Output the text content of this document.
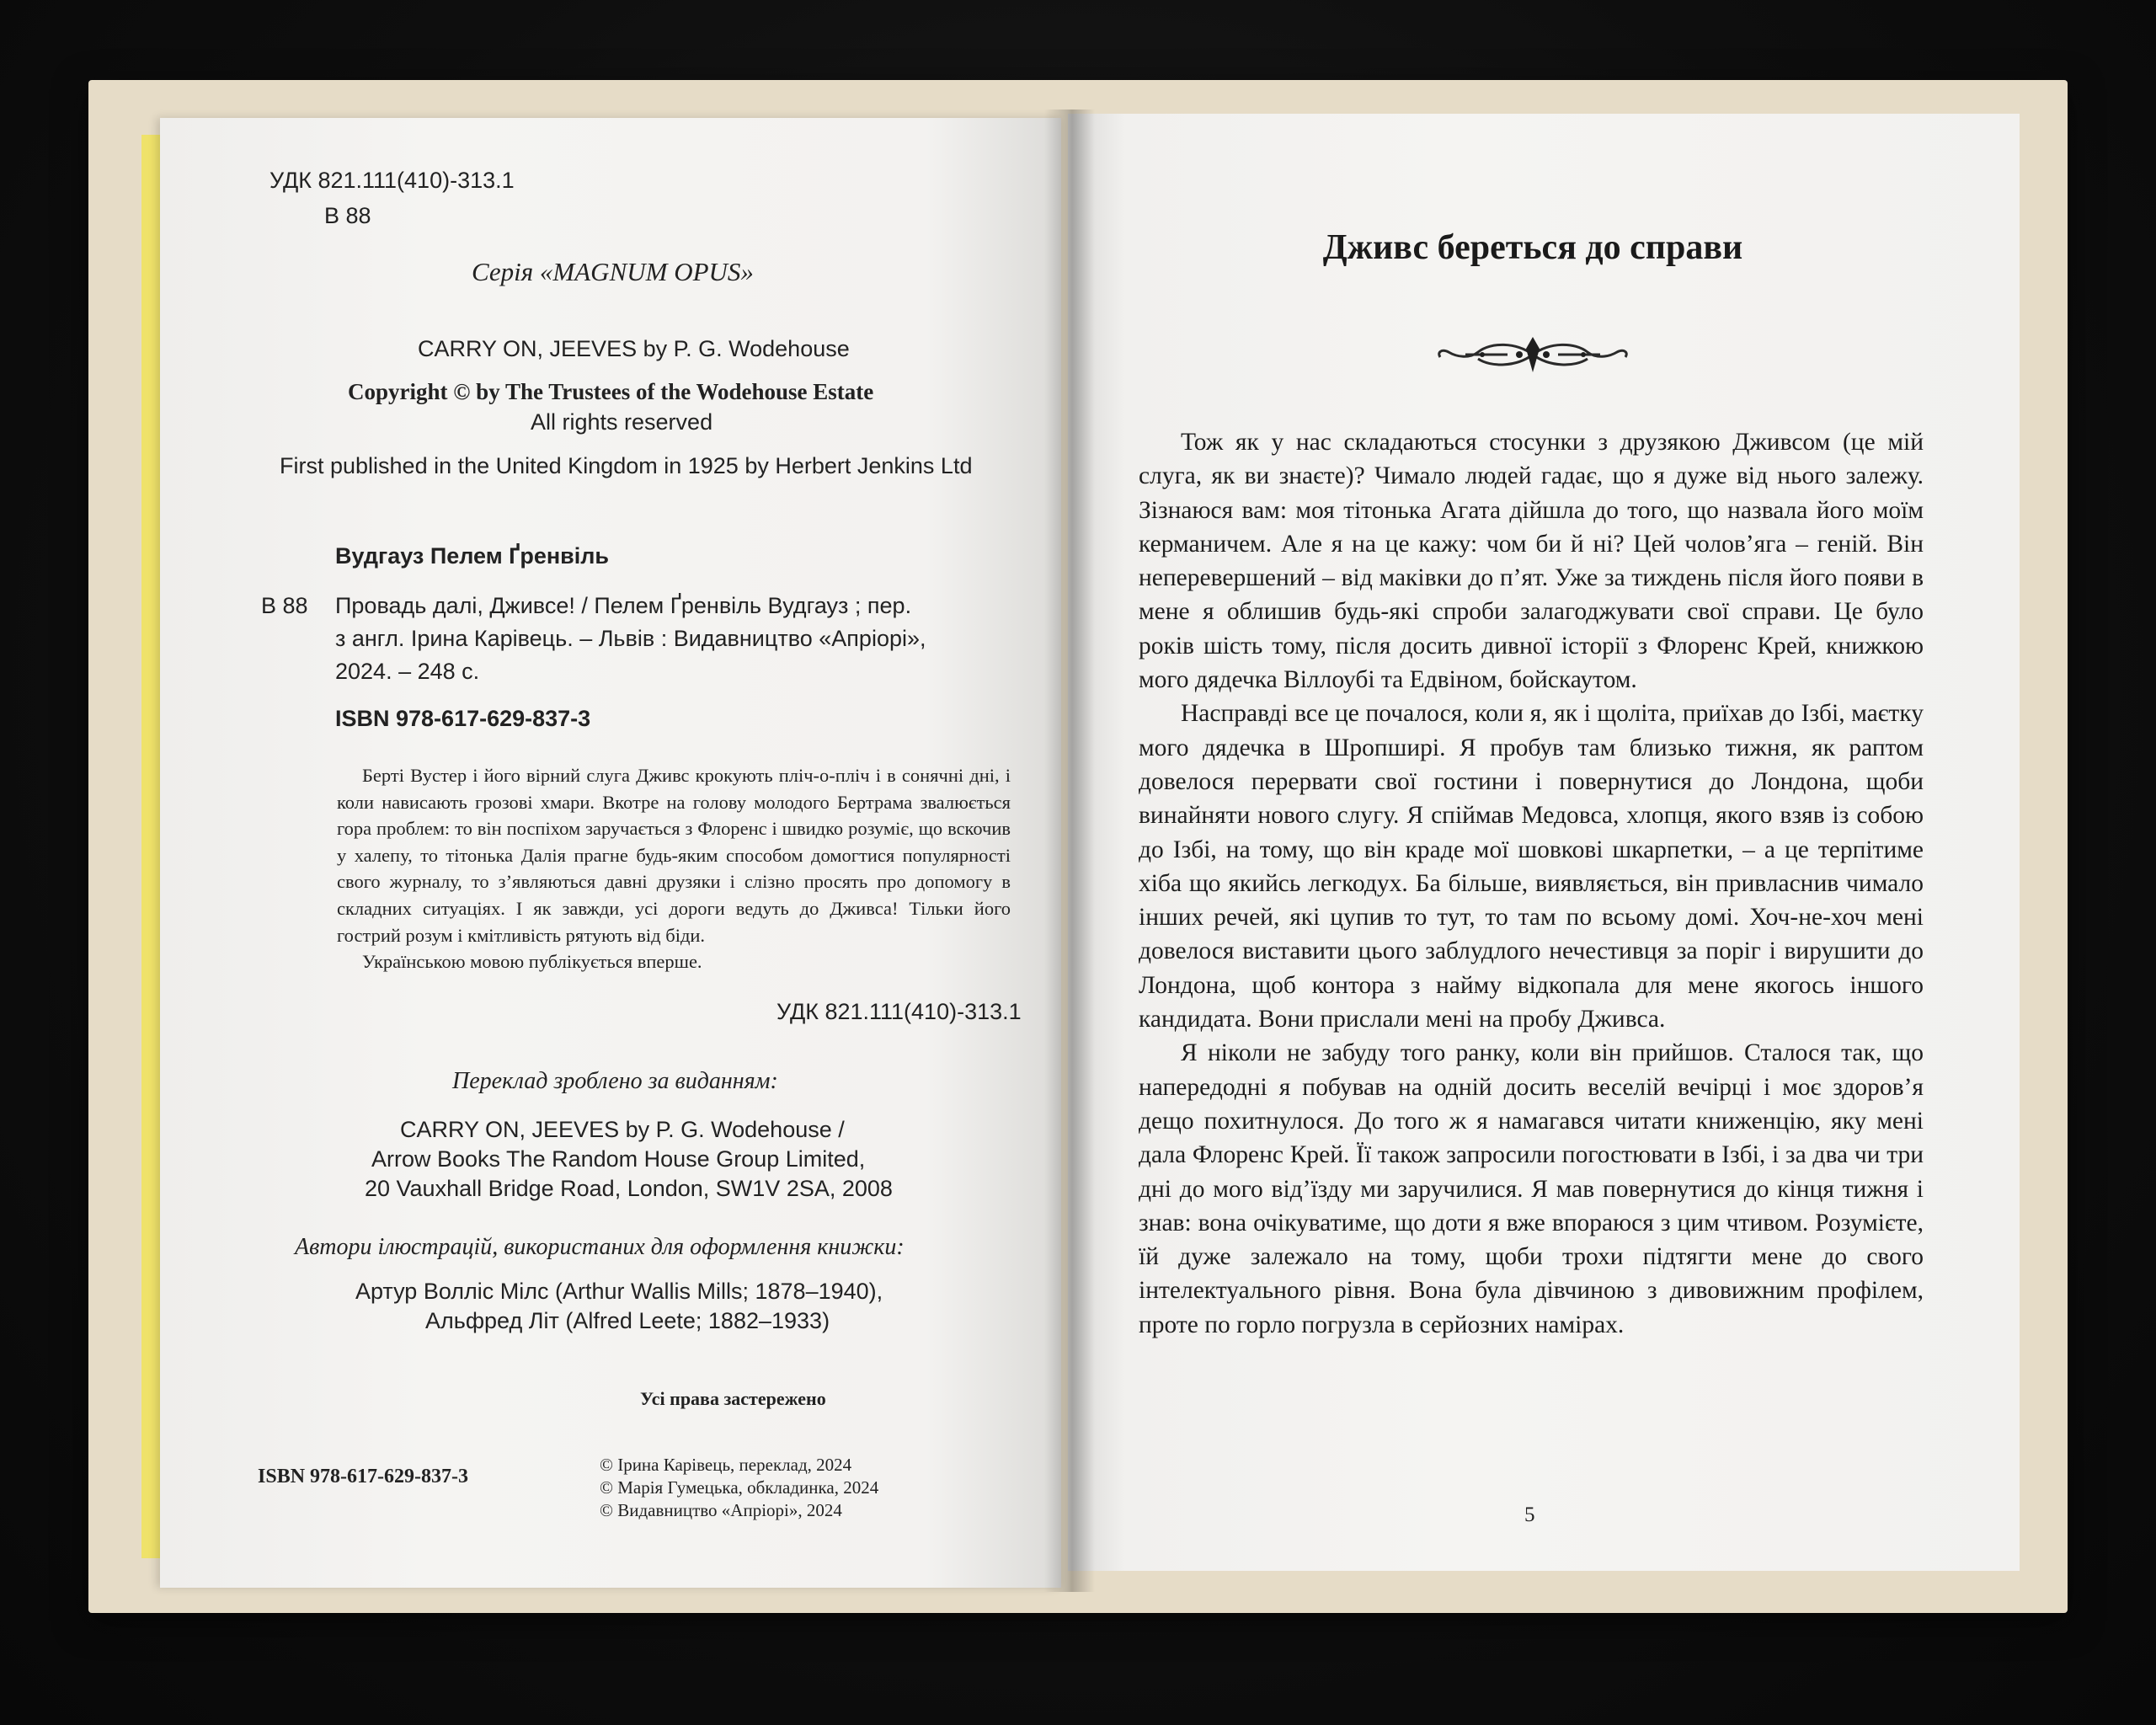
УДК 821.111(410)-313.1
В 88
Серія «MAGNUM OPUS»
CARRY ON, JEEVES by P. G. Wodehouse
Copyright © by The Trustees of the Wodehouse Estate
All rights reserved
First published in the United Kingdom in 1925 by Herbert Jenkins Ltd
Вудгауз Пелем Ґренвіль
В 88 Провадь далі, Дживсе! / Пелем Ґренвіль Вудгауз ; пер.
з англ. Ірина Карівець. – Львів : Видавництво «Апріорі»,
2024. – 248 с.
ISBN 978-617-629-837-3

Берті Вустер і його вірний слуга Дживс крокують пліч-о-пліч і в сонячні дні, і коли нависають грозові хмари. Вкотре на голову молодого Бертрама звалюється гора проблем: то він поспіхом заручається з Флоренс і швидко розуміє, що вскочив у халепу, то тітонька Далія прагне будь-яким способом домогтися популярності свого журналу, то з’являються давні друзяки і слізно просять про допомогу в складних ситуаціях. І як завжди, усі дороги ведуть до Дживса! Тільки його гострий розум і кмітливість рятують від біди.

Українською мовою публікується вперше.

УДК 821.111(410)-313.1
Переклад зроблено за виданням:
CARRY ON, JEEVES by P. G. Wodehouse /
Arrow Books The Random House Group Limited,
20 Vauxhall Bridge Road, London, SW1V 2SA, 2008
Автори ілюстрацій, використаних для оформлення книжки:
Артур Волліс Мілс (Arthur Wallis Mills; 1878–1940),
Альфред Літ (Alfred Leete; 1882–1933)
Усі права застережено
ISBN 978-617-629-837-3
© Ірина Карівець, переклад, 2024
© Марія Гумецька, обкладинка, 2024
© Видавництво «Апріорі», 2024
Дживс береться до справи

Тож як у нас складаються стосунки з друзякою Дживсом (це мій слуга, як ви знаєте)? Чимало людей гадає, що я дуже від нього залежу. Зізнаюся вам: моя тітонька Агата дійшла до того, що назвала його моїм керманичем. Але я на це кажу: чом би й ні? Цей чолов’яга – геній. Він неперевершений – від маківки до п’ят. Уже за тиждень після його появи в мене я облишив будь-які спроби залагоджувати свої справи. Це було років шість тому, після досить дивної історії з Флоренс Крей, книжкою мого дядечка Віллоубі та Едвіном, бойскаутом.

Насправді все це почалося, коли я, як і щоліта, приїхав до Ізбі, маєтку мого дядечка в Шропширі. Я пробув там близько тижня, як раптом довелося перервати свої гостини і повернутися до Лондона, щоби винайняти нового слугу. Я спіймав Медовса, хлопця, якого взяв із собою до Ізбі, на тому, що він краде мої шовкові шкарпетки, – а це терпітиме хіба що якийсь легкодух. Ба більше, виявляється, він привласнив чимало інших речей, які цупив то тут, то там по всьому домі. Хоч-не-хоч мені довелося виставити цього заблудлого нечестивця за поріг і вирушити до Лондона, щоб контора з найму відкопала для мене якогось іншого кандидата. Вони прислали мені на пробу Дживса.

Я ніколи не забуду того ранку, коли він прийшов. Сталося так, що напередодні я побував на одній досить веселій вечірці і моє здоров’я дещо похитнулося. До того ж я намагався читати книженцію, яку мені дала Флоренс Крей. Її також запросили погостювати в Ізбі, і за два чи три дні до мого від’їзду ми заручилися. Я мав повернутися до кінця тижня і знав: вона очікуватиме, що доти я вже впораюся з цим чтивом. Розумієте, їй дуже залежало на тому, щоби трохи підтягти мене до свого інтелектуального рівня. Вона була дівчиною з дивовижним профілем, проте по горло погрузла в серйозних намірах.

5
